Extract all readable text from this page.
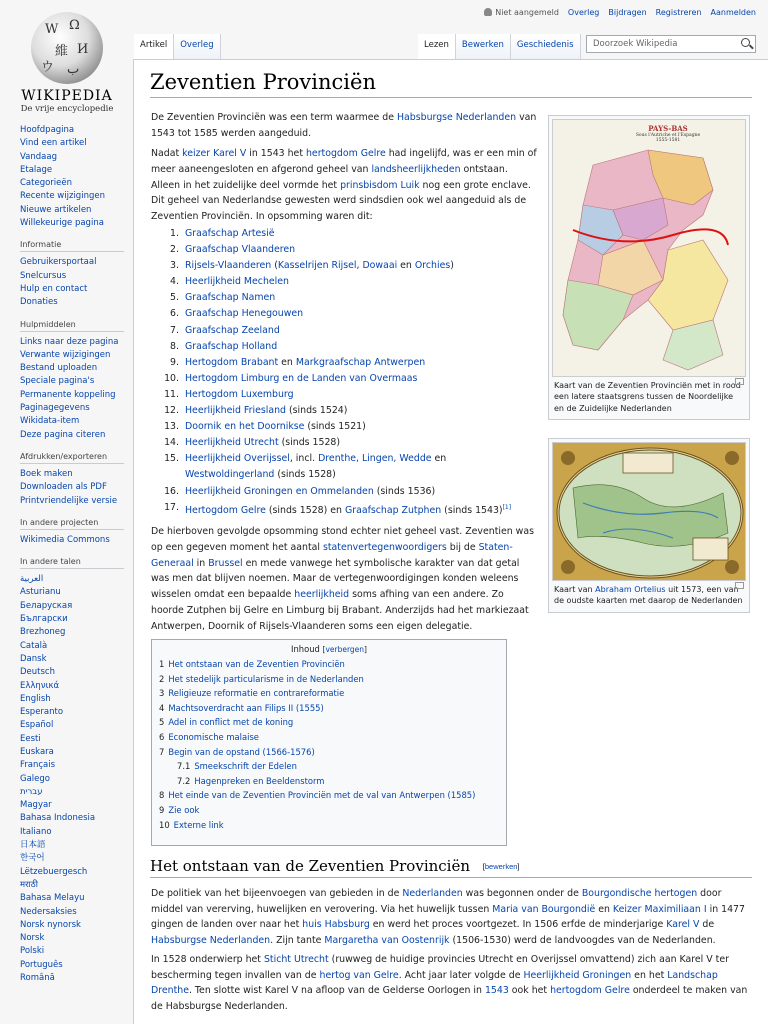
W Ω
維 И
ウ ب
WIKIPEDIA
De vrije encyclopedie
Niet aangemeld Overleg Bijdragen Registreren Aanmelden
Artikel	Overleg	Lezen	Bewerken	Geschiedenis	Doorzoek Wikipedia
Hoofdpagina
Vind een artikel
Vandaag
Etalage
Categorieën
Recente wijzigingen
Nieuwe artikelen
Willekeurige pagina
Informatie
Gebruikersportaal
Snelcursus
Hulp en contact
Donaties
Hulpmiddelen
Links naar deze pagina
Verwante wijzigingen
Bestand uploaden
Speciale pagina's
Permanente koppeling
Paginagegevens
Wikidata-item
Deze pagina citeren
Afdrukken/exporteren
Boek maken
Downloaden als PDF
Printvriendelijke versie
In andere projecten
Wikimedia Commons
In andere talen
العربية
Asturianu
Беларуская
Български
Brezhoneg
Català
Dansk
Deutsch
Ελληνικά
English
Esperanto
Español
Eesti
Euskara
Français
Galego
עברית
Magyar
Bahasa Indonesia
Italiano
日本語
한국어
Lëtzebuergesch
मराठी
Bahasa Melayu
Nedersaksies
Norsk nynorsk
Norsk
Polski
Português
Română
Zeventien Provinciën
De Zeventien Provinciën was een term waarmee de Habsburgse Nederlanden van 1543 tot 1585 werden aangeduid.
Nadat keizer Karel V in 1543 het hertogdom Gelre had ingelijfd, was er een min of meer aaneengesloten en afgerond geheel van landsheerlijkheden ontstaan. Alleen in het zuidelijke deel vormde het prinsbisdom Luik nog een grote enclave. Dit geheel van Nederlandse gewesten werd sindsdien ook wel aangeduid als de Zeventien Provinciën. In opsomming waren dit:
1. Graafschap Artesië
2. Graafschap Vlaanderen
3. Rijsels-Vlaanderen (Kasselrijen Rijsel, Dowaai en Orchies)
4. Heerlijkheid Mechelen
5. Graafschap Namen
6. Graafschap Henegouwen
7. Graafschap Zeeland
8. Graafschap Holland
9. Hertogdom Brabant en Markgraafschap Antwerpen
10. Hertogdom Limburg en de Landen van Overmaas
11. Hertogdom Luxemburg
12. Heerlijkheid Friesland (sinds 1524)
13. Doornik en het Doornikse (sinds 1521)
14. Heerlijkheid Utrecht (sinds 1528)
15. Heerlijkheid Overijssel, incl. Drenthe, Lingen, Wedde en Westwoldingerland (sinds 1528)
16. Heerlijkheid Groningen en Ommelanden (sinds 1536)
17. Hertogdom Gelre (sinds 1528) en Graafschap Zutphen (sinds 1543)[1]
De hierboven gevolgde opsomming stond echter niet geheel vast. Zeventien was op een gegeven moment het aantal statenvertegenwoordigers bij de Staten-Generaal in Brussel en mede vanwege het symbolische karakter van dat getal was men dat blijven noemen. Maar de vertegenwoordigingen konden weleens wisselen omdat een bepaalde heerlijkheid soms afhing van een andere. Zo hoorde Zutphen bij Gelre en Limburg bij Brabant. Anderzijds had het markiezaat Antwerpen, Doornik of Rijsels-Vlaanderen soms een eigen delegatie.
PAYS-BAS
Sous l'Autriche et l'Espagne
1555-1581
Kaart van de Zeventien Provinciën met in rood een latere staatsgrens tussen de Noordelijke en de Zuidelijke Nederlanden
Kaart van Abraham Ortelius uit 1573, een van de oudste kaarten met daarop de Nederlanden
Inhoud [verbergen]
1 Het ontstaan van de Zeventien Provinciën
2 Het stedelijk particularisme in de Nederlanden
3 Religieuze reformatie en contrareformatie
4 Machtsoverdracht aan Filips II (1555)
5 Adel in conflict met de koning
6 Economische malaise
7 Begin van de opstand (1566-1576)
7.1 Smeekschrift der Edelen
7.2 Hagenpreken en Beeldenstorm
8 Het einde van de Zeventien Provinciën met de val van Antwerpen (1585)
9 Zie ook
10 Externe link
Het ontstaan van de Zeventien Provinciën [bewerken]
De politiek van het bijeenvoegen van gebieden in de Nederlanden was begonnen onder de Bourgondische hertogen door middel van vererving, huwelijken en verovering. Via het huwelijk tussen Maria van Bourgondië en Keizer Maximiliaan I in 1477 gingen de landen over naar het huis Habsburg en werd het proces voortgezet. In 1506 erfde de minderjarige Karel V de Habsburgse Nederlanden. Zijn tante Margaretha van Oostenrijk (1506-1530) werd de landvoogdes van de Nederlanden.
In 1528 onderwierp het Sticht Utrecht (ruwweg de huidige provincies Utrecht en Overijssel omvattend) zich aan Karel V ter bescherming tegen invallen van de hertog van Gelre. Acht jaar later volgde de Heerlijkheid Groningen en het Landschap Drenthe. Ten slotte wist Karel V na afloop van de Gelderse Oorlogen in 1543 ook het hertogdom Gelre onderdeel te maken van de Habsburgse Nederlanden.
